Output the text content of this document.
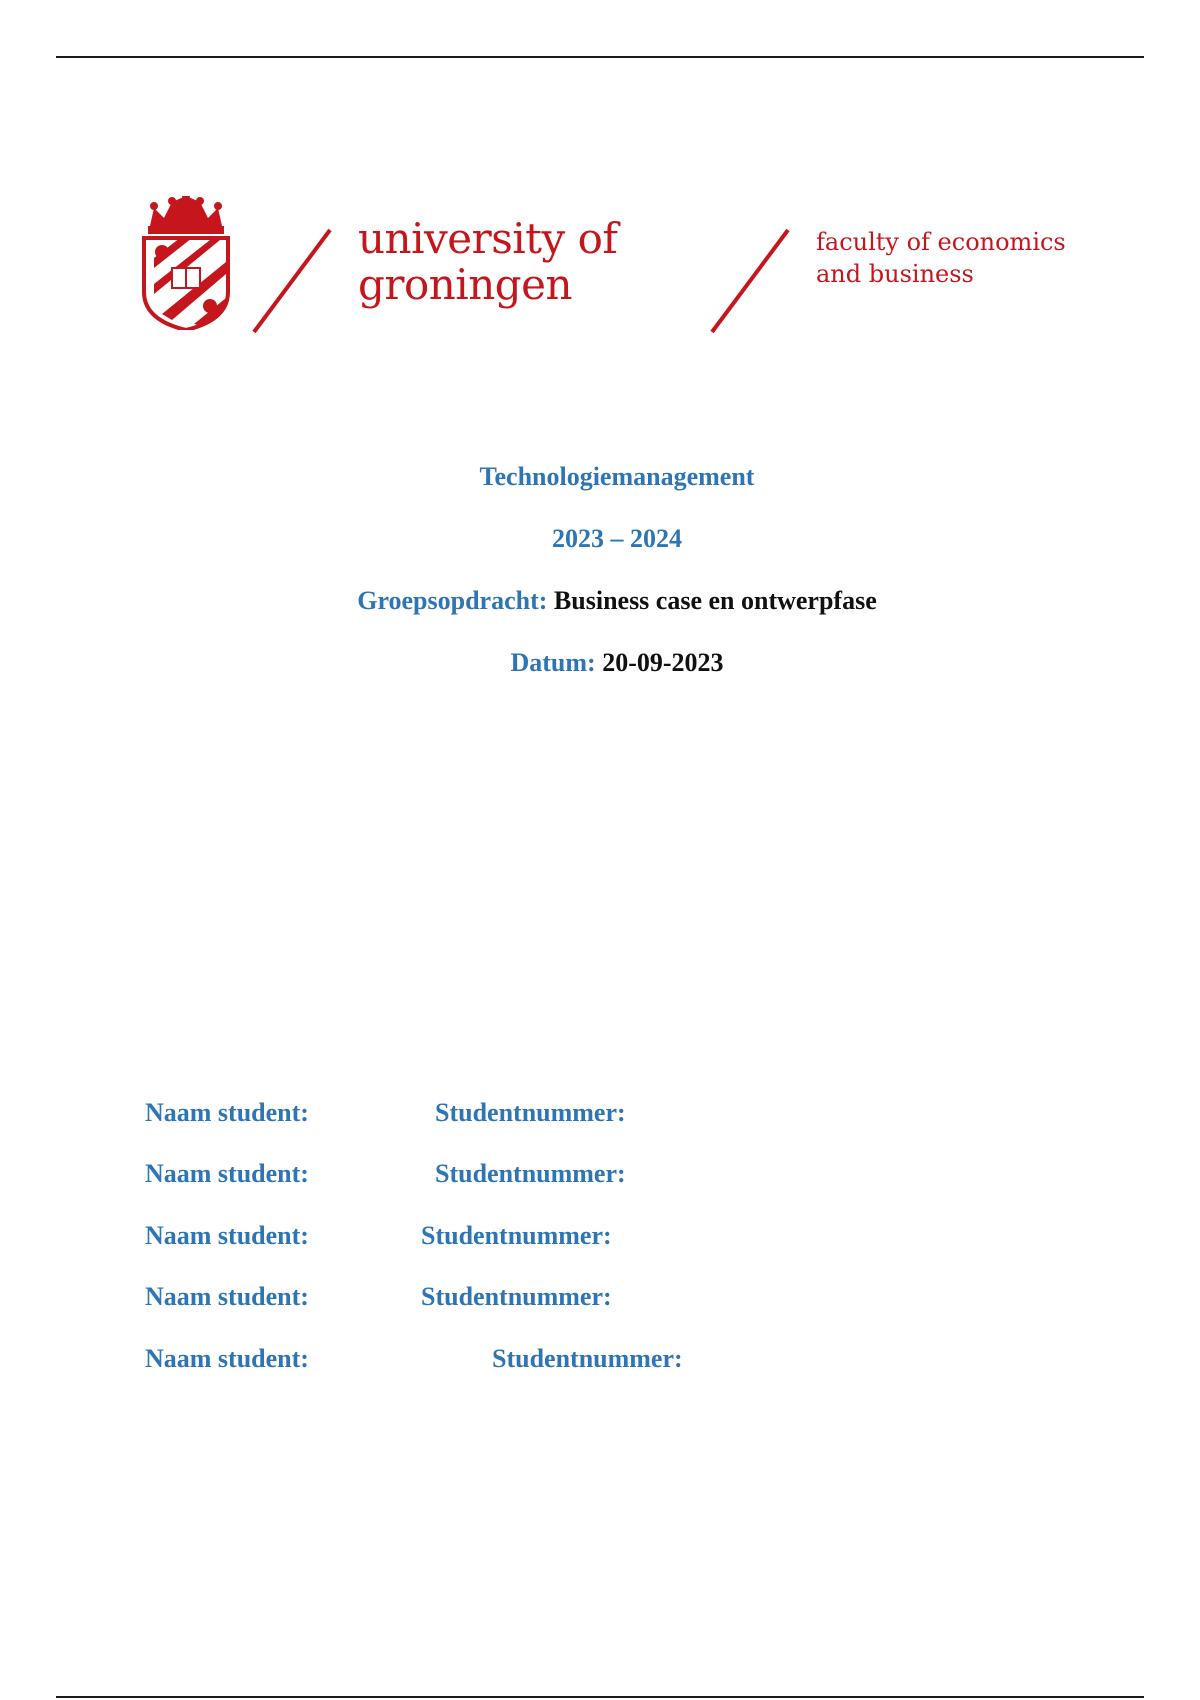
university of
groningen
faculty of economics
and business
Technologiemanagement
2023 – 2024
Groepsopdracht: Business case en ontwerpfase
Datum: 20-09-2023
Naam student:	Studentnummer:
Naam student:	Studentnummer:
Naam student:	Studentnummer:
Naam student:	Studentnummer:
Naam student:	Studentnummer:
